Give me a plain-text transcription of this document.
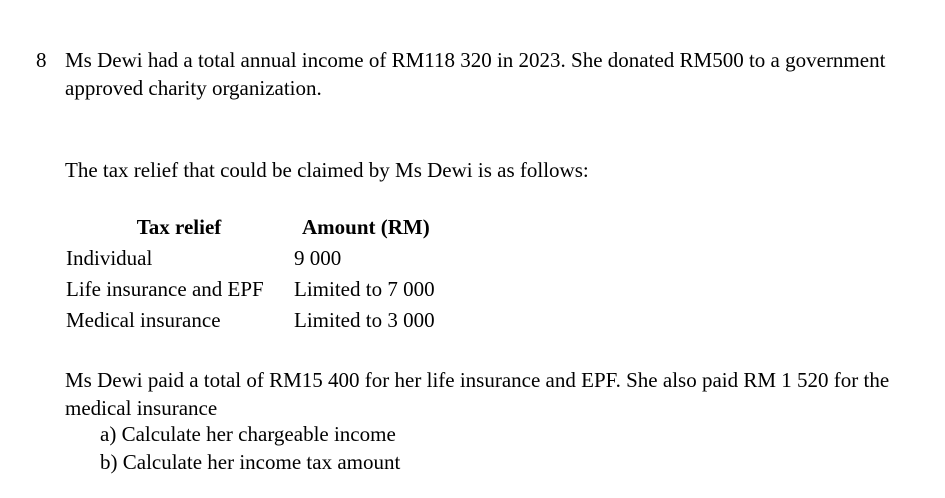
8 Ms Dewi had a total annual income of RM118 320 in 2023. She donated RM500 to a government approved charity organization.
The tax relief that could be claimed by Ms Dewi is as follows:
Tax relief	Amount (RM)
Individual	9 000
Life insurance and EPF	Limited to 7 000
Medical insurance	Limited to 3 000
Ms Dewi paid a total of RM15 400 for her life insurance and EPF. She also paid RM 1 520 for the medical insurance
a) Calculate her chargeable income
b) Calculate her income tax amount
